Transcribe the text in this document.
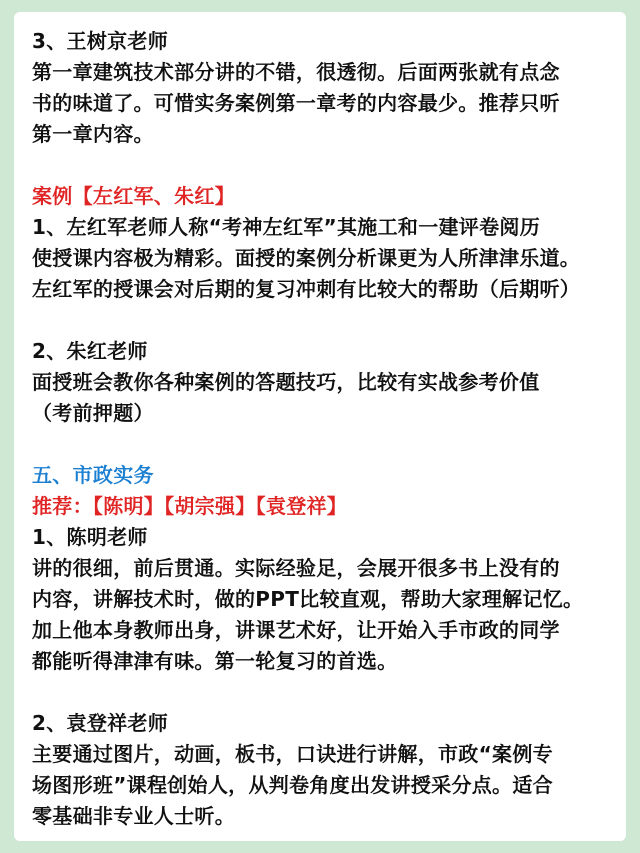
3、王树京老师
第一章建筑技术部分讲的不错，很透彻。后面两张就有点念
书的味道了。可惜实务案例第一章考的内容最少。推荐只听
第一章内容。
案例【左红军、朱红】
1、左红军老师人称“考神左红军”其施工和一建评卷阅历
使授课内容极为精彩。面授的案例分析课更为人所津津乐道。
左红军的授课会对后期的复习冲刺有比较大的帮助（后期听）
2、朱红老师
面授班会教你各种案例的答题技巧，比较有实战参考价值
（考前押题）
五、市政实务
推荐：【陈明】【胡宗强】【袁登祥】
1、陈明老师
讲的很细，前后贯通。实际经验足，会展开很多书上没有的
内容，讲解技术时，做的PPT比较直观，帮助大家理解记忆。
加上他本身教师出身，讲课艺术好，让开始入手市政的同学
都能听得津津有味。第一轮复习的首选。
2、袁登祥老师
主要通过图片，动画，板书，口诀进行讲解，市政“案例专
场图形班”课程创始人，从判卷角度出发讲授采分点。适合
零基础非专业人士听。
